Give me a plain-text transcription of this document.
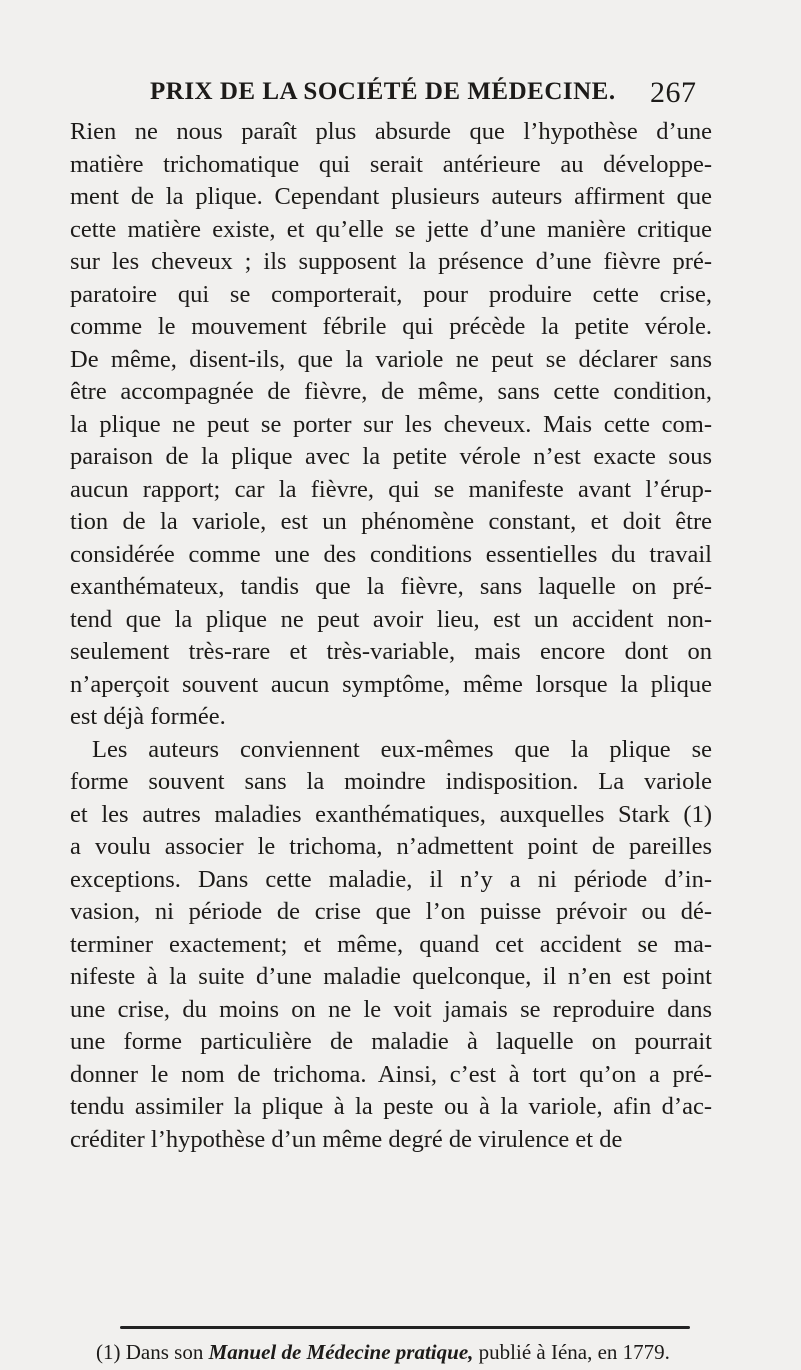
PRIX DE LA SOCIÉTÉ DE MÉDECINE. 267
Rien ne nous paraît plus absurde que l’hypothèse d’une
matière trichomatique qui serait antérieure au développe-
ment de la plique. Cependant plusieurs auteurs affirment que
cette matière existe, et qu’elle se jette d’une manière critique
sur les cheveux ; ils supposent la présence d’une fièvre pré-
paratoire qui se comporterait, pour produire cette crise,
comme le mouvement fébrile qui précède la petite vérole.
De même, disent-ils, que la variole ne peut se déclarer sans
être accompagnée de fièvre, de même, sans cette condition,
la plique ne peut se porter sur les cheveux. Mais cette com-
paraison de la plique avec la petite vérole n’est exacte sous
aucun rapport; car la fièvre, qui se manifeste avant l’érup-
tion de la variole, est un phénomène constant, et doit être
considérée comme une des conditions essentielles du travail
exanthémateux, tandis que la fièvre, sans laquelle on pré-
tend que la plique ne peut avoir lieu, est un accident non-
seulement très-rare et très-variable, mais encore dont on
n’aperçoit souvent aucun symptôme, même lorsque la plique
est déjà formée.
Les auteurs conviennent eux-mêmes que la plique se
forme souvent sans la moindre indisposition. La variole
et les autres maladies exanthématiques, auxquelles Stark (1)
a voulu associer le trichoma, n’admettent point de pareilles
exceptions. Dans cette maladie, il n’y a ni période d’in-
vasion, ni période de crise que l’on puisse prévoir ou dé-
terminer exactement; et même, quand cet accident se ma-
nifeste à la suite d’une maladie quelconque, il n’en est point
une crise, du moins on ne le voit jamais se reproduire dans
une forme particulière de maladie à laquelle on pourrait
donner le nom de trichoma. Ainsi, c’est à tort qu’on a pré-
tendu assimiler la plique à la peste ou à la variole, afin d’ac-
créditer l’hypothèse d’un même degré de virulence et de
(1) Dans son Manuel de Médecine pratique, publié à Iéna, en 1779.
